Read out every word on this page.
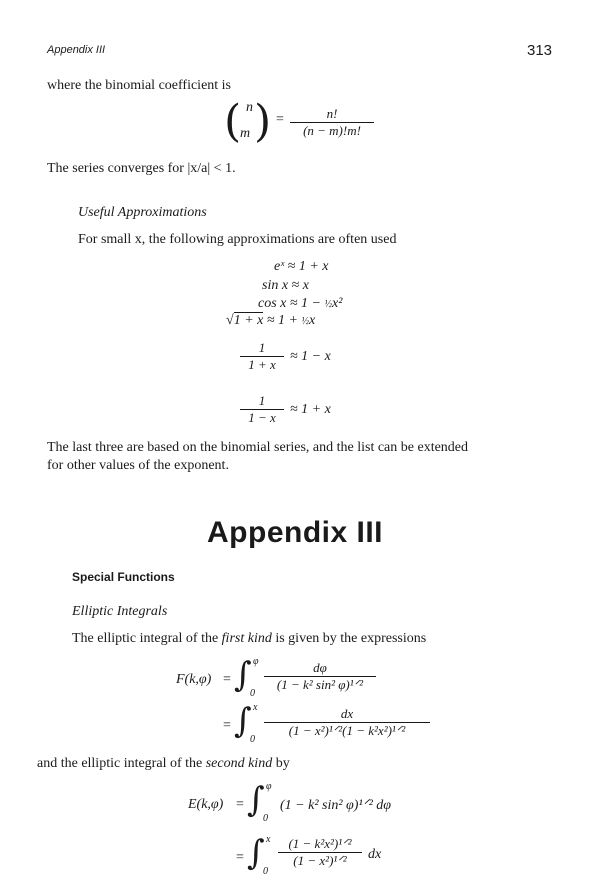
Appendix III	313
where the binomial coefficient is
( n
m ) =	n!
(n − m)!m!
The series converges for |x/a| < 1.
Useful Approximations
For small x, the following approximations are often used
eˣ ≈ 1 + x
sin x ≈ x
cos x ≈ 1 − ½x²
√1 + x ≈ 1 + ½x
1
1 + x
≈ 1 − x
1
1 − x
≈ 1 + x
The last three are based on the binomial series, and the list can be extended
for other values of the exponent.
Appendix III
Special Functions
Elliptic Integrals
The elliptic integral of the first kind is given by the expressions
F(k,φ) = ∫ φ
0
dφ
(1 − k² sin² φ)¹ᐟ²
= ∫ x
0
dx
(1 − x²)¹ᐟ²(1 − k²x²)¹ᐟ²
and the elliptic integral of the second kind by
E(k,φ) = ∫ φ
0
(1 − k² sin² φ)¹ᐟ² dφ
= ∫ x
0
(1 − k²x²)¹ᐟ²
(1 − x²)¹ᐟ² dx
